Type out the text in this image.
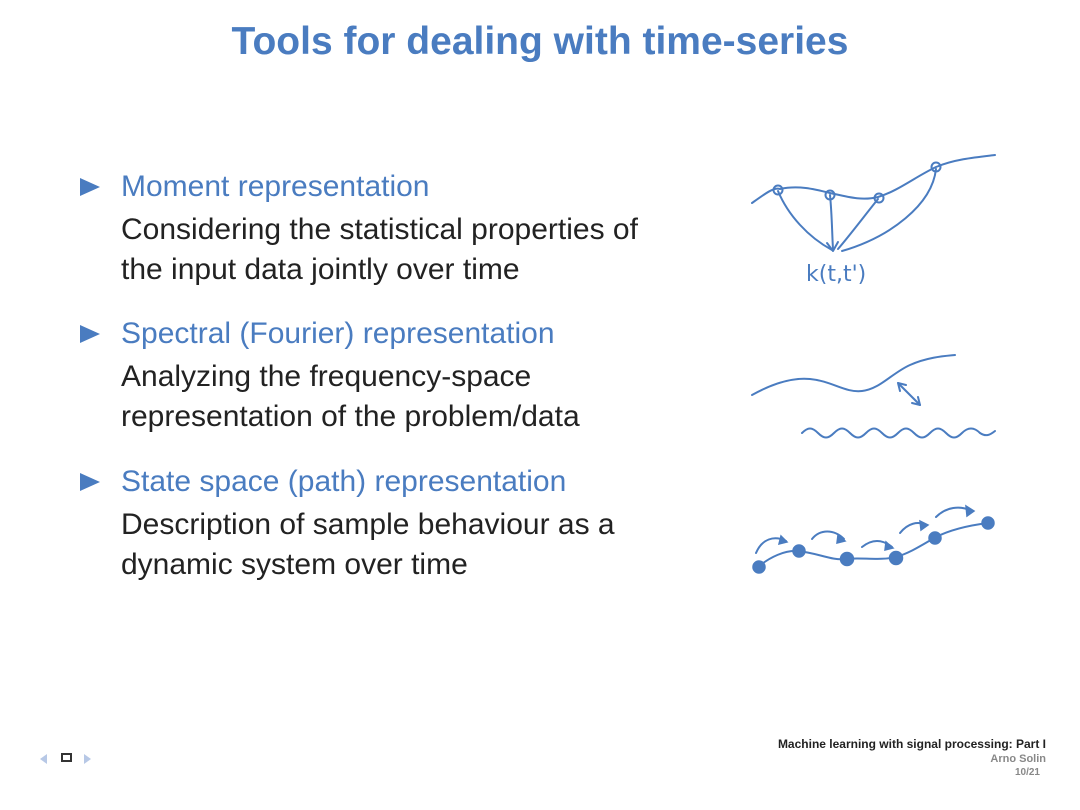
Tools for dealing with time-series
Moment representation
Considering the statistical properties of
the input data jointly over time
Spectral (Fourier) representation
Analyzing the frequency-space
representation of the problem/data
State space (path) representation
Description of sample behaviour as a
dynamic system over time
k(t,t')
Machine learning with signal processing: Part I
Arno Solin
10/21
